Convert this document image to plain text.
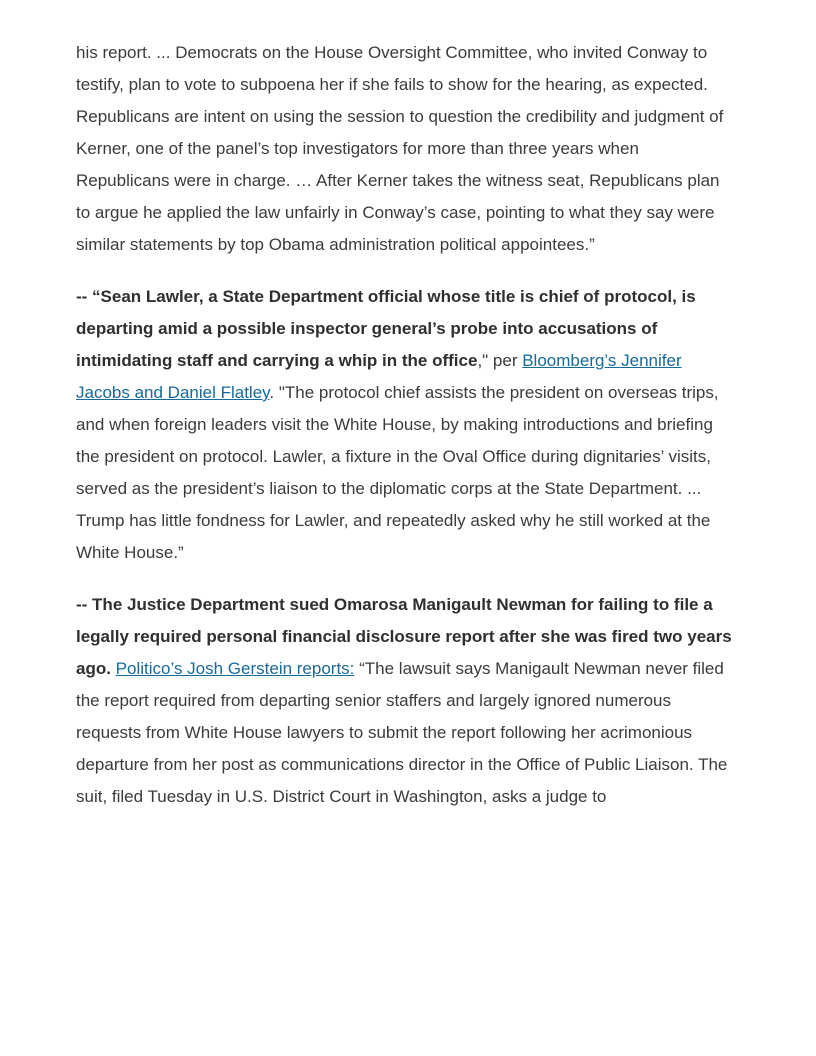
his report. ... Democrats on the House Oversight Committee, who invited Conway to testify, plan to vote to subpoena her if she fails to show for the hearing, as expected. Republicans are intent on using the session to question the credibility and judgment of Kerner, one of the panel’s top investigators for more than three years when Republicans were in charge. … After Kerner takes the witness seat, Republicans plan to argue he applied the law unfairly in Conway’s case, pointing to what they say were similar statements by top Obama administration political appointees.”

-- “Sean Lawler, a State Department official whose title is chief of protocol, is departing amid a possible inspector general’s probe into accusations of intimidating staff and carrying a whip in the office," per Bloomberg’s Jennifer Jacobs and Daniel Flatley. "The protocol chief assists the president on overseas trips, and when foreign leaders visit the White House, by making introductions and briefing the president on protocol. Lawler, a fixture in the Oval Office during dignitaries’ visits, served as the president’s liaison to the diplomatic corps at the State Department. ... Trump has little fondness for Lawler, and repeatedly asked why he still worked at the White House.”

-- The Justice Department sued Omarosa Manigault Newman for failing to file a legally required personal financial disclosure report after she was fired two years ago. Politico’s Josh Gerstein reports: “The lawsuit says Manigault Newman never filed the report required from departing senior staffers and largely ignored numerous requests from White House lawyers to submit the report following her acrimonious departure from her post as communications director in the Office of Public Liaison. The suit, filed Tuesday in U.S. District Court in Washington, asks a judge to
